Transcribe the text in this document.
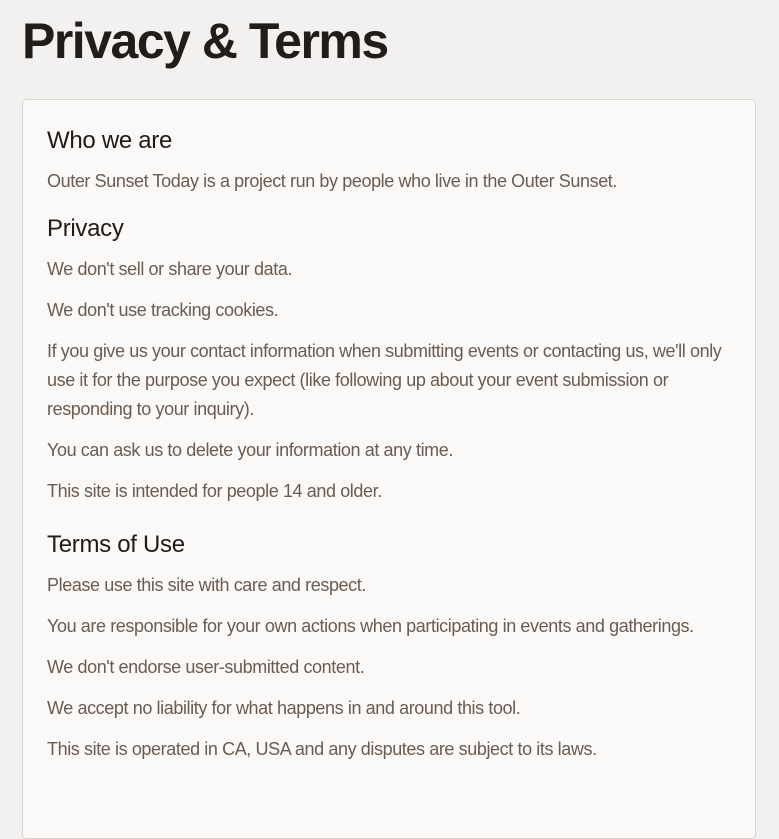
Privacy & Terms
Who we are

Outer Sunset Today is a project run by people who live in the Outer Sunset.

Privacy

We don't sell or share your data.

We don't use tracking cookies.

If you give us your contact information when submitting events or contacting us, we'll only use it for the purpose you expect (like following up about your event submission or responding to your inquiry).

You can ask us to delete your information at any time.

This site is intended for people 14 and older.

Terms of Use

Please use this site with care and respect.

You are responsible for your own actions when participating in events and gatherings.

We don't endorse user-submitted content.

We accept no liability for what happens in and around this tool.

This site is operated in CA, USA and any disputes are subject to its laws.
